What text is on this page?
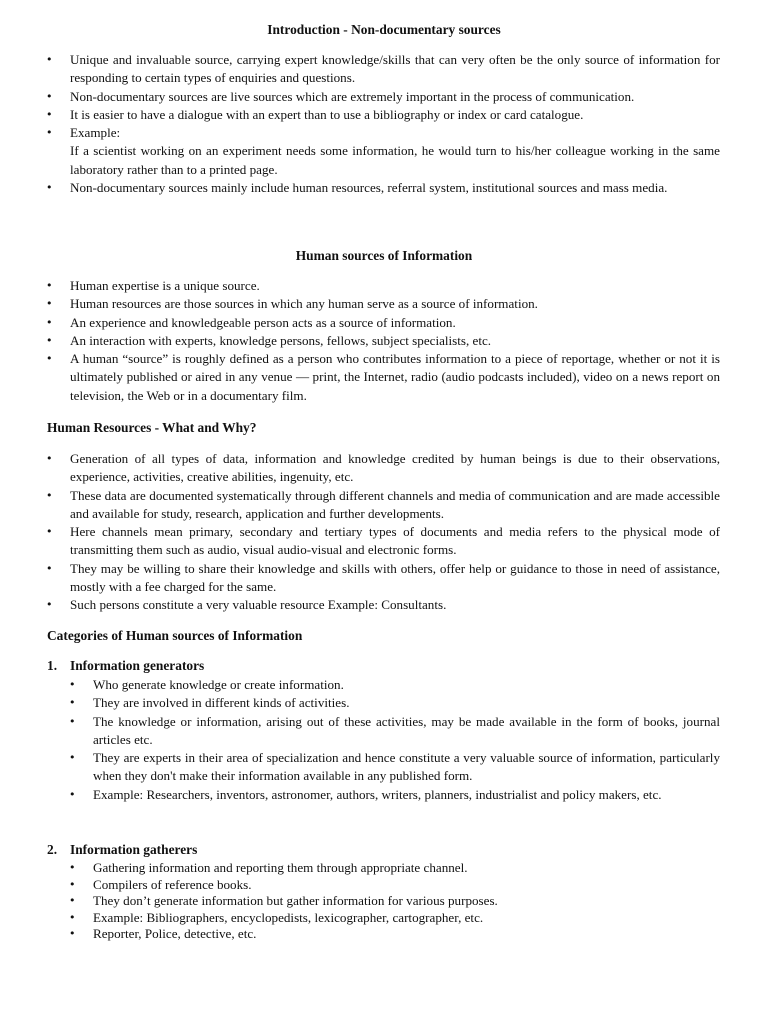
Introduction - Non-documentary sources

• Unique and invaluable source, carrying expert knowledge/skills that can very often be the only source of information for responding to certain types of enquiries and questions.
• Non-documentary sources are live sources which are extremely important in the process of communication.
• It is easier to have a dialogue with an expert than to use a bibliography or index or card catalogue.
• Example:
If a scientist working on an experiment needs some information, he would turn to his/her colleague working in the same laboratory rather than to a printed page.
• Non-documentary sources mainly include human resources, referral system, institutional sources and mass media.

Human sources of Information

• Human expertise is a unique source.
• Human resources are those sources in which any human serve as a source of information.
• An experience and knowledgeable person acts as a source of information.
• An interaction with experts, knowledge persons, fellows, subject specialists, etc.
• A human “source” is roughly defined as a person who contributes information to a piece of reportage, whether or not it is ultimately published or aired in any venue — print, the Internet, radio (audio podcasts included), video on a news report on television, the Web or in a documentary film.

Human Resources - What and Why?

• Generation of all types of data, information and knowledge credited by human beings is due to their observations, experience, activities, creative abilities, ingenuity, etc.
• These data are documented systematically through different channels and media of communication and are made accessible and available for study, research, application and further developments.
• Here channels mean primary, secondary and tertiary types of documents and media refers to the physical mode of transmitting them such as audio, visual audio-visual and electronic forms.
• They may be willing to share their knowledge and skills with others, offer help or guidance to those in need of assistance, mostly with a fee charged for the same.
• Such persons constitute a very valuable resource Example: Consultants.

Categories of Human sources of Information

1. Information generators
• Who generate knowledge or create information.
• They are involved in different kinds of activities.
• The knowledge or information, arising out of these activities, may be made available in the form of books, journal articles etc.
• They are experts in their area of specialization and hence constitute a very valuable source of information, particularly when they don't make their information available in any published form.
• Example: Researchers, inventors, astronomer, authors, writers, planners, industrialist and policy makers, etc.
2. Information gatherers
• Gathering information and reporting them through appropriate channel.
• Compilers of reference books.
• They don’t generate information but gather information for various purposes.
• Example: Bibliographers, encyclopedists, lexicographer, cartographer, etc.
• Reporter, Police, detective, etc.
